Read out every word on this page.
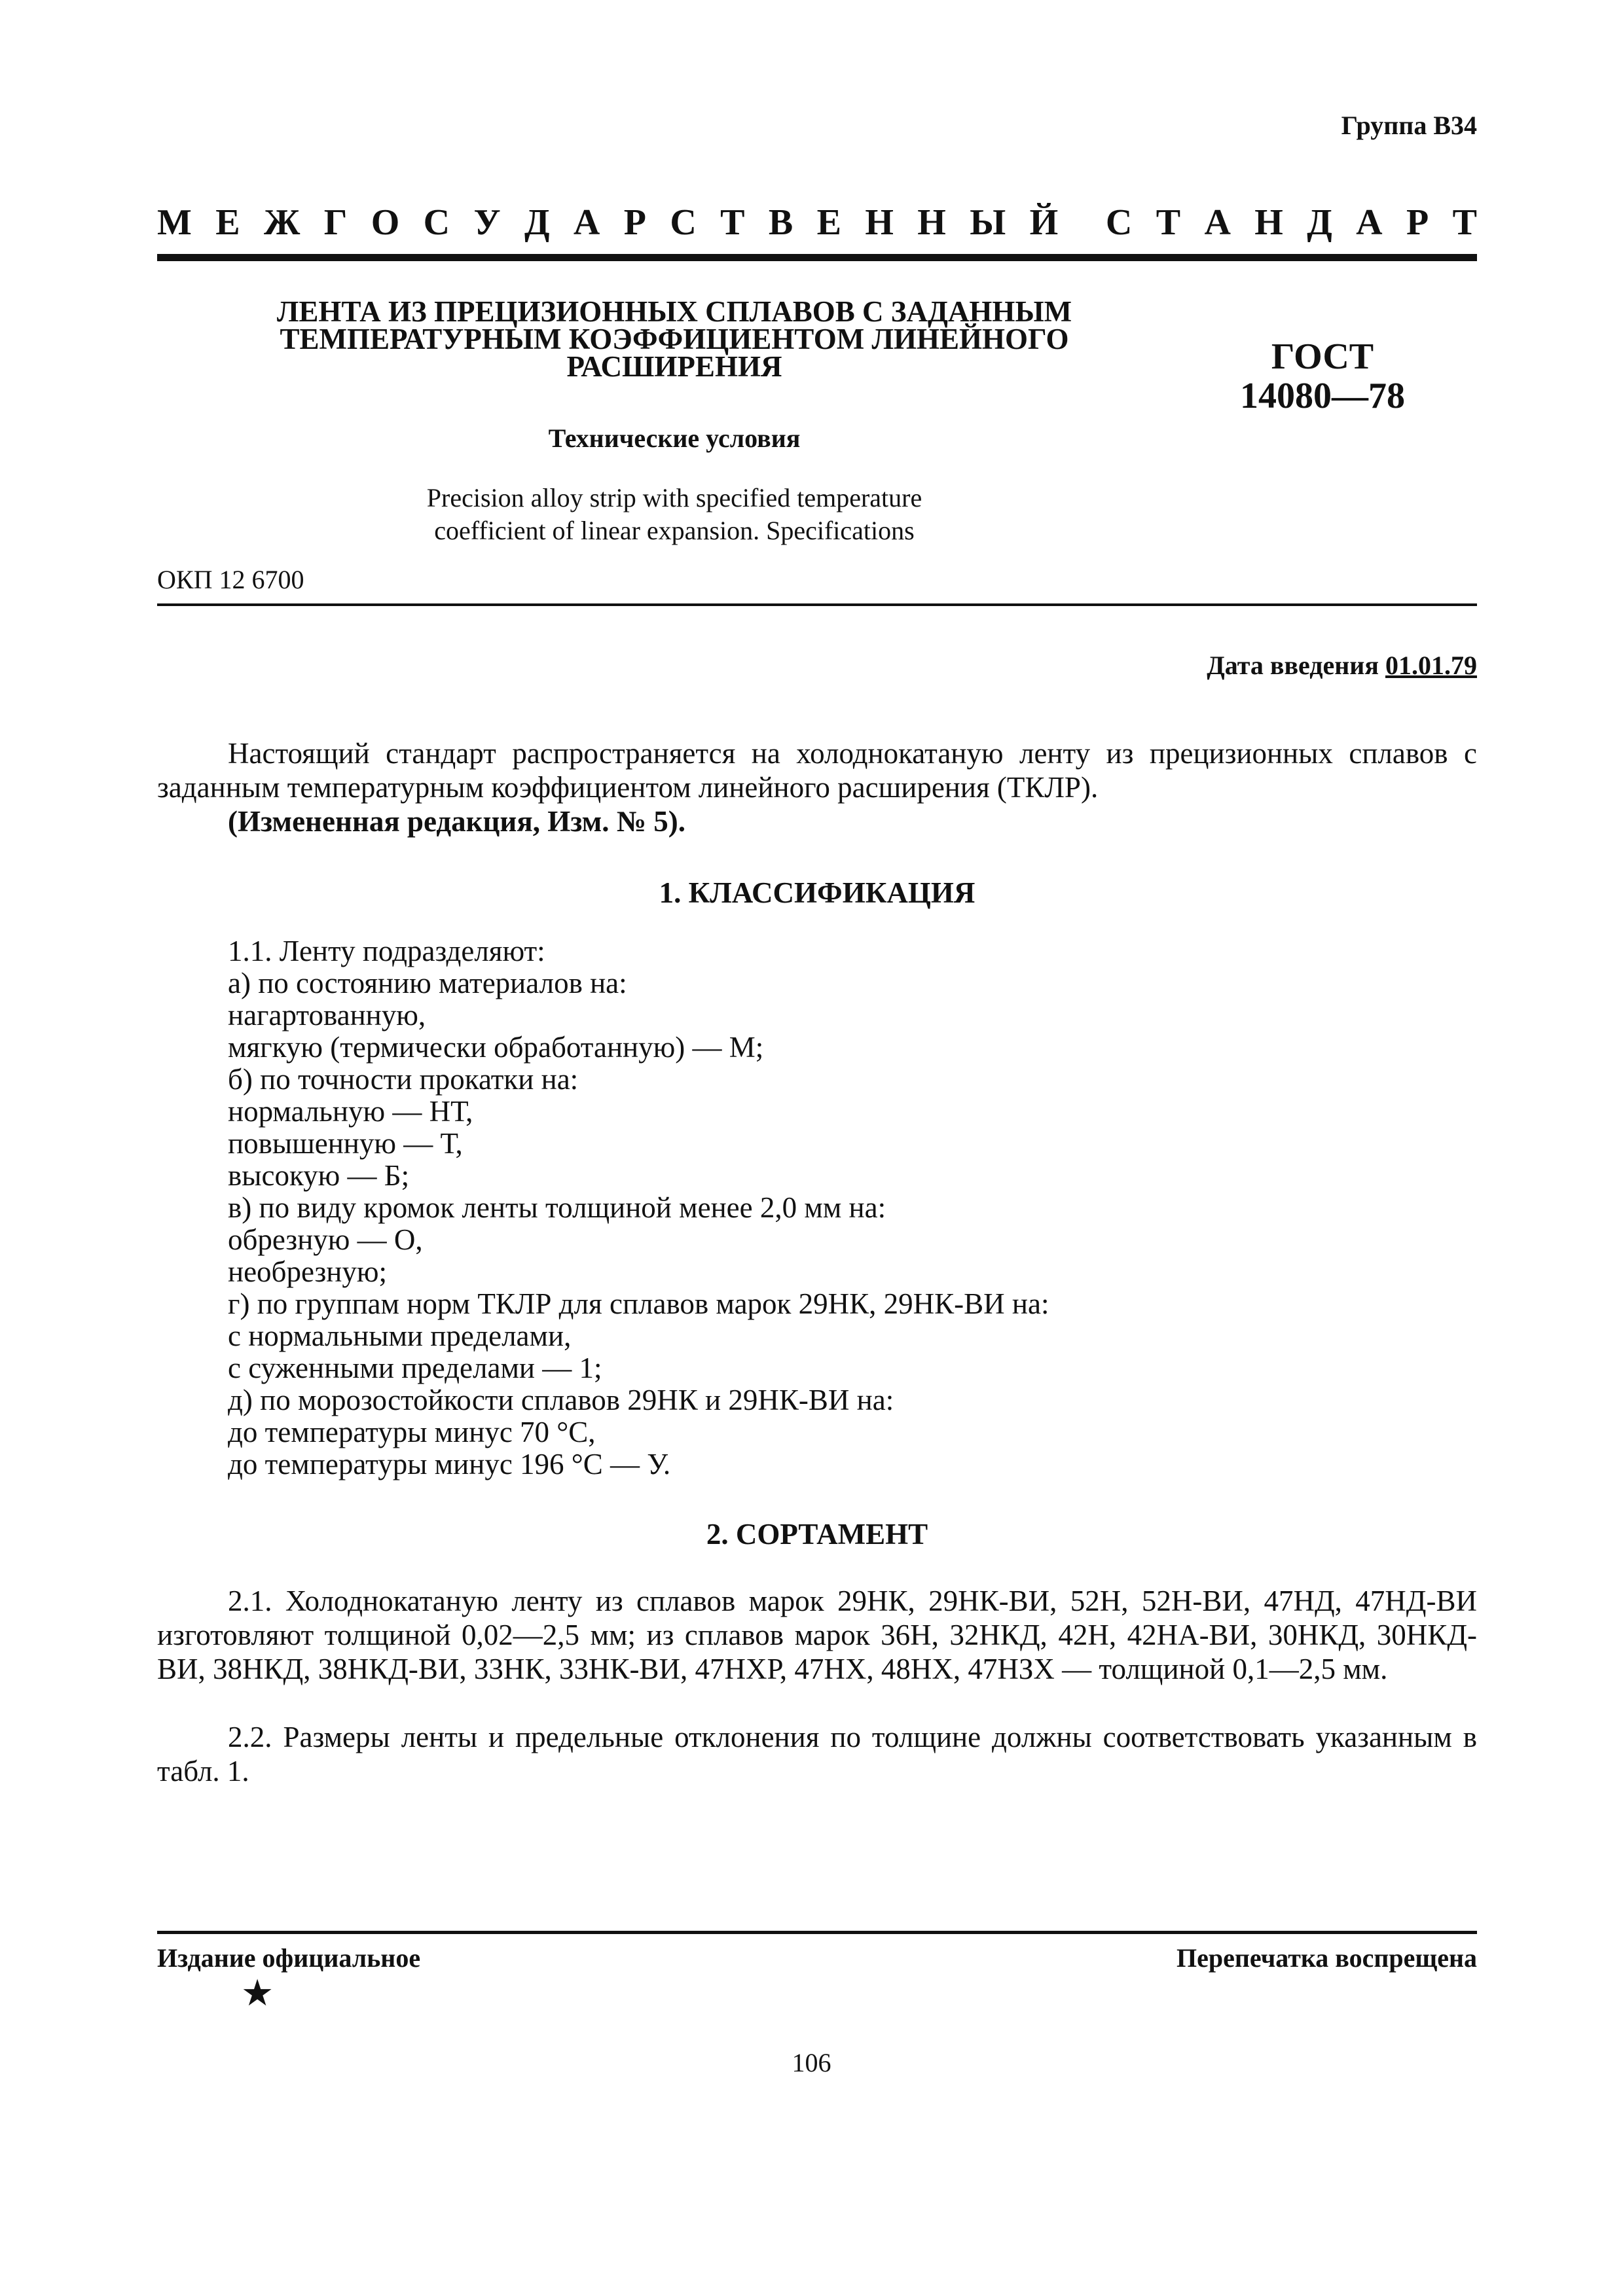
Группа В34
М Е Ж Г О С У Д А Р С Т В Е Н Н Ы Й С Т А Н Д А Р Т
ЛЕНТА ИЗ ПРЕЦИЗИОННЫХ СПЛАВОВ С ЗАДАННЫМ
ТЕМПЕРАТУРНЫМ КОЭФФИЦИЕНТОМ ЛИНЕЙНОГО
РАСШИРЕНИЯ	ГОСТ
14080—78
Технические условия
Precision alloy strip with specified temperature
coefficient of linear expansion. Specifications
ОКП 12 6700
Дата введения 01.01.79
Настоящий стандарт распространяется на холоднокатаную ленту из прецизионных сплавов с заданным температурным коэффициентом линейного расширения (ТКЛР).
(Измененная редакция, Изм. № 5).
1. КЛАССИФИКАЦИЯ
1.1. Ленту подразделяют:
а) по состоянию материалов на:
нагартованную,
мягкую (термически обработанную) — М;
б) по точности прокатки на:
нормальную — НТ,
повышенную — Т,
высокую — Б;
в) по виду кромок ленты толщиной менее 2,0 мм на:
обрезную — О,
необрезную;
г) по группам норм ТКЛР для сплавов марок 29НК, 29НК-ВИ на:
с нормальными пределами,
с суженными пределами — 1;
д) по морозостойкости сплавов 29НК и 29НК-ВИ на:
до температуры минус 70 °С,
до температуры минус 196 °С — У.
2. СОРТАМЕНТ
2.1. Холоднокатаную ленту из сплавов марок 29НК, 29НК-ВИ, 52Н, 52Н-ВИ, 47НД, 47НД-ВИ изготовляют толщиной 0,02—2,5 мм; из сплавов марок 36Н, 32НКД, 42Н, 42НА-ВИ, 30НКД, 30НКД-ВИ, 38НКД, 38НКД-ВИ, 33НК, 33НК-ВИ, 47НХР, 47НХ, 48НХ, 47НЗХ — толщиной 0,1—2,5 мм.
2.2. Размеры ленты и предельные отклонения по толщине должны соответствовать указанным в табл. 1.
Издание официальное	Перепечатка воспрещена
★
106
